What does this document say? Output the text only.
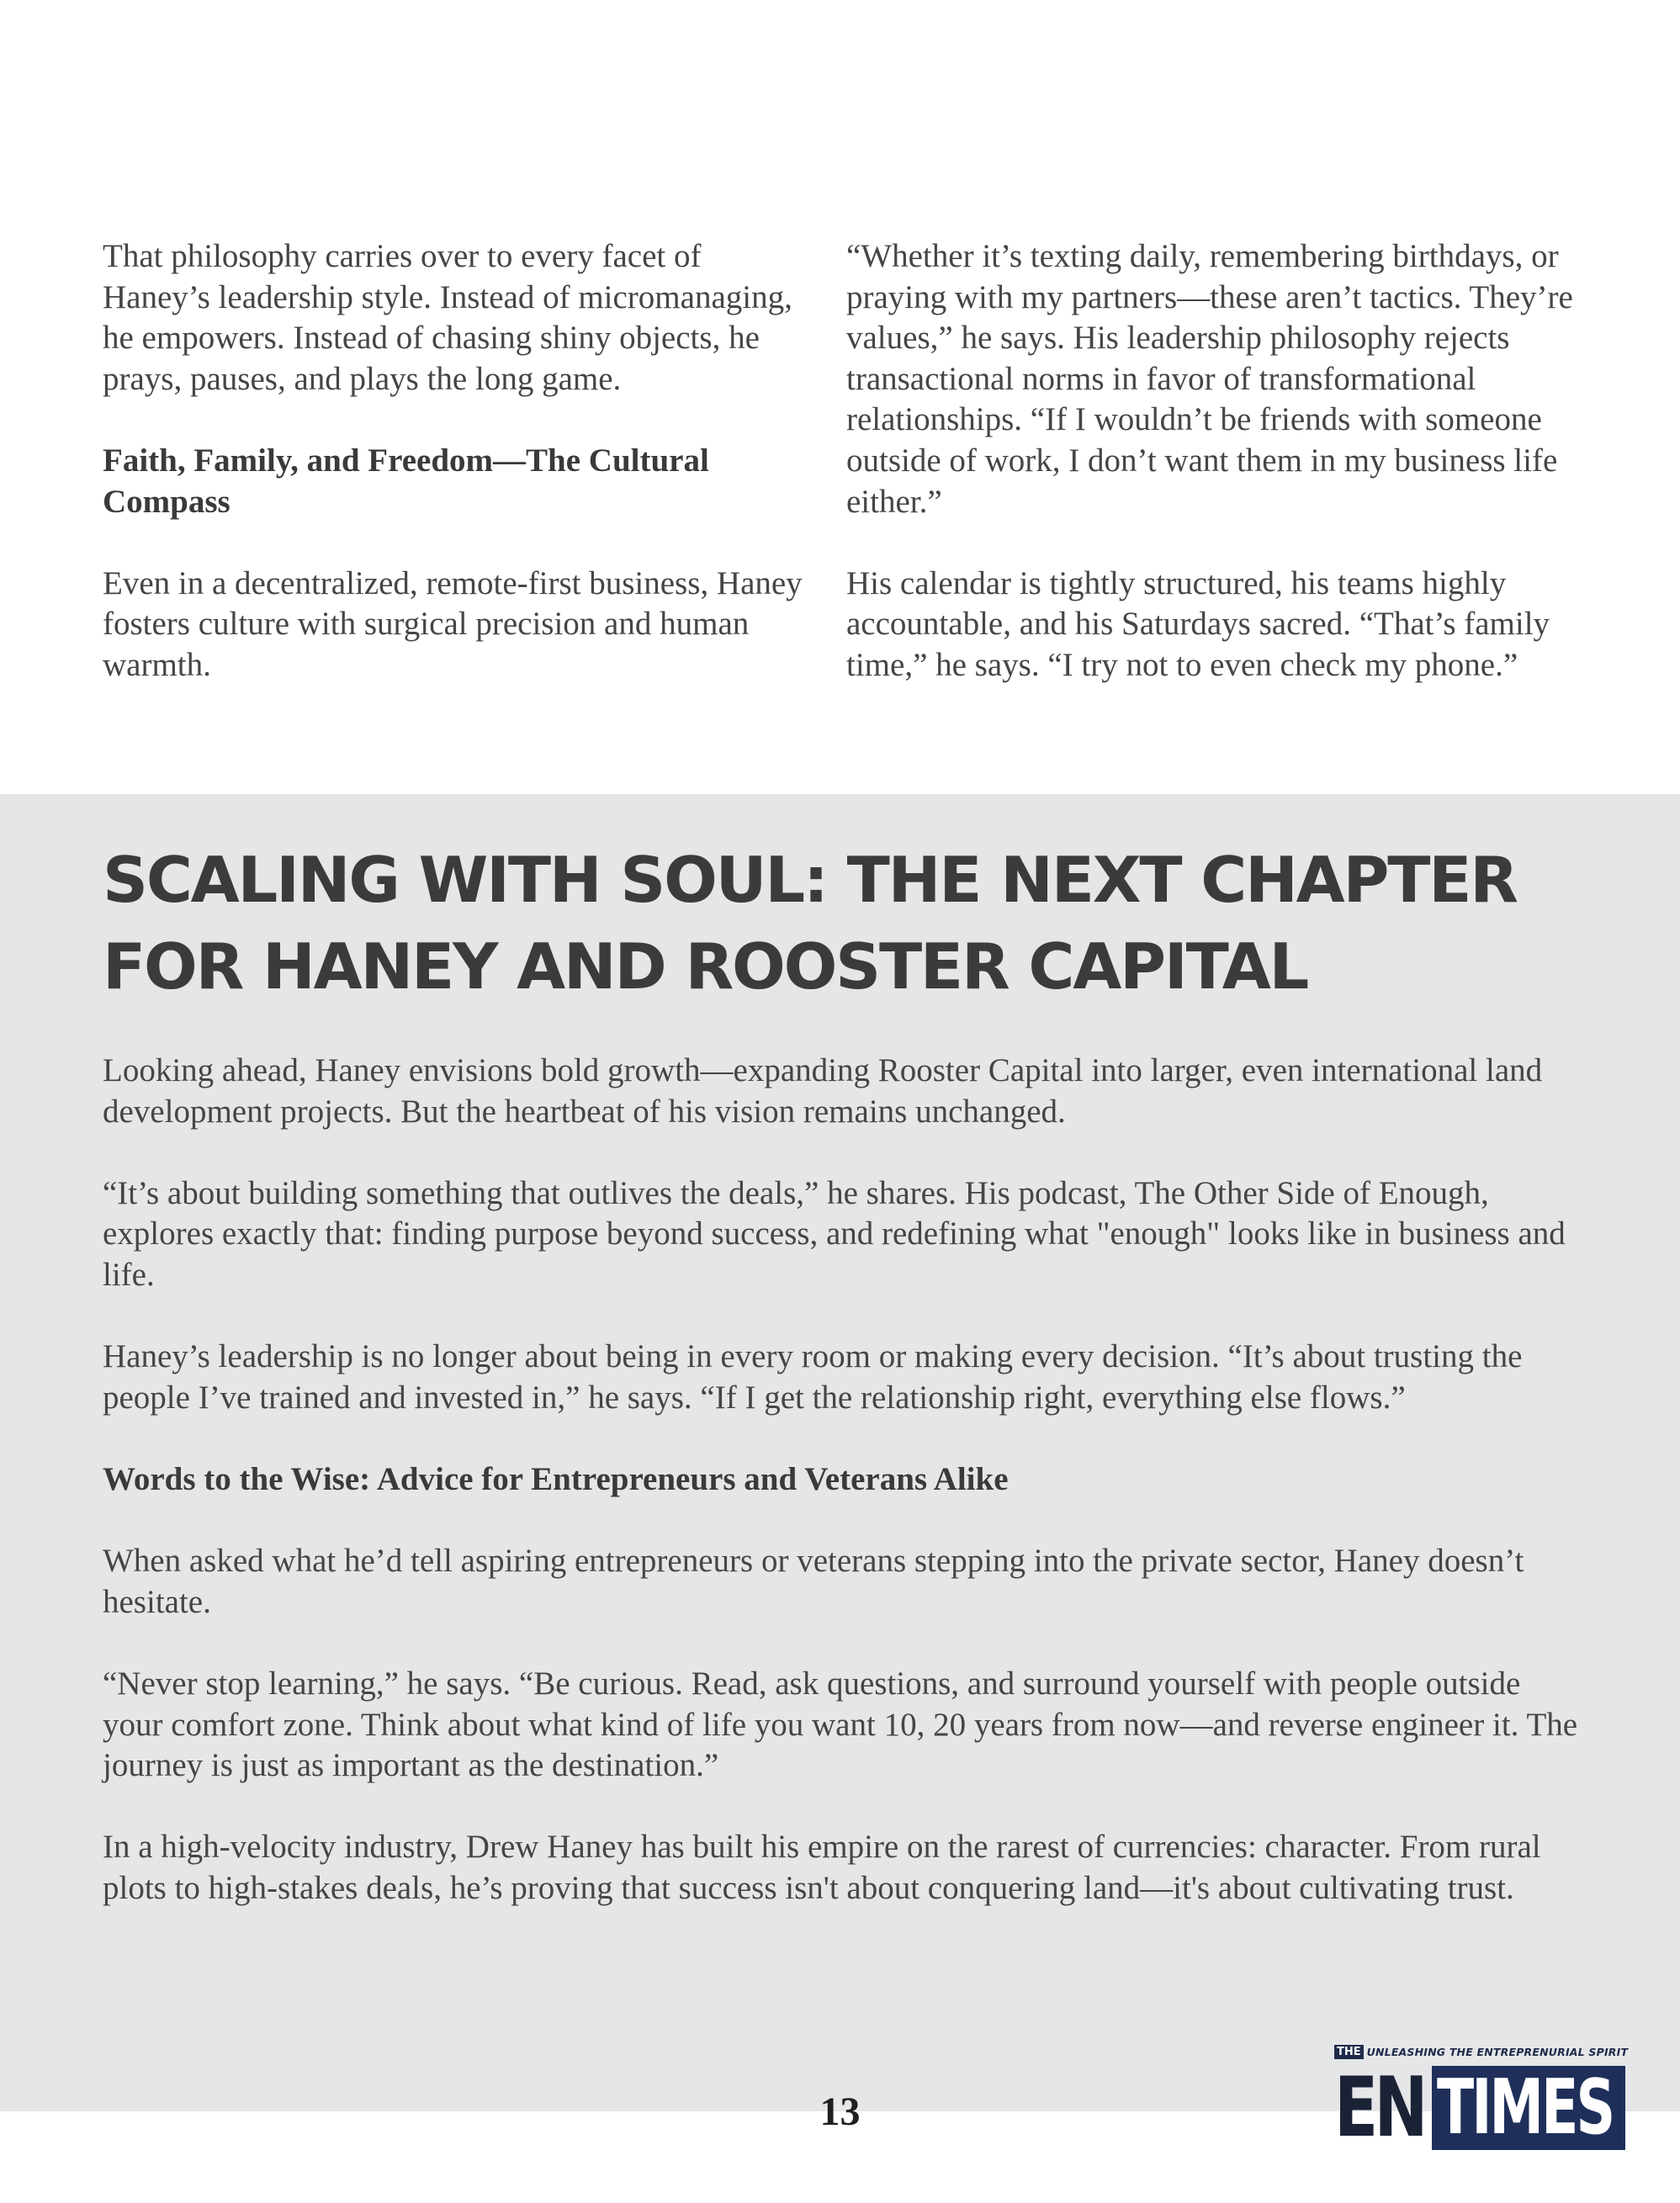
That philosophy carries over to every facet of Haney’s leadership style. Instead of micromanaging, he empowers. Instead of chasing shiny objects, he prays, pauses, and plays the long game.

Faith, Family, and Freedom—The Cultural Compass

Even in a decentralized, remote-first business, Haney fosters culture with surgical precision and human warmth.

“Whether it’s texting daily, remembering birthdays, or praying with my partners—these aren’t tactics. They’re values,” he says. His leadership philosophy rejects transactional norms in favor of transformational relationships. “If I wouldn’t be friends with someone outside of work, I don’t want them in my business life either.”

His calendar is tightly structured, his teams highly accountable, and his Saturdays sacred. “That’s family time,” he says. “I try not to even check my phone.”

SCALING WITH SOUL: THE NEXT CHAPTER FOR HANEY AND ROOSTER CAPITAL

Looking ahead, Haney envisions bold growth—expanding Rooster Capital into larger, even international land development projects. But the heartbeat of his vision remains unchanged.

“It’s about building something that outlives the deals,” he shares. His podcast, The Other Side of Enough, explores exactly that: finding purpose beyond success, and redefining what "enough" looks like in business and life.

Haney’s leadership is no longer about being in every room or making every decision. “It’s about trusting the people I’ve trained and invested in,” he says. “If I get the relationship right, everything else flows.”

Words to the Wise: Advice for Entrepreneurs and Veterans Alike

When asked what he’d tell aspiring entrepreneurs or veterans stepping into the private sector, Haney doesn’t hesitate.

“Never stop learning,” he says. “Be curious. Read, ask questions, and surround yourself with people outside your comfort zone. Think about what kind of life you want 10, 20 years from now—and reverse engineer it. The journey is just as important as the destination.”

In a high-velocity industry, Drew Haney has built his empire on the rarest of currencies: character. From rural plots to high-stakes deals, he’s proving that success isn't about conquering land—it's about cultivating trust.

13
THE UNLEASHING THE ENTREPRENURIAL SPIRIT
EN TIMES
